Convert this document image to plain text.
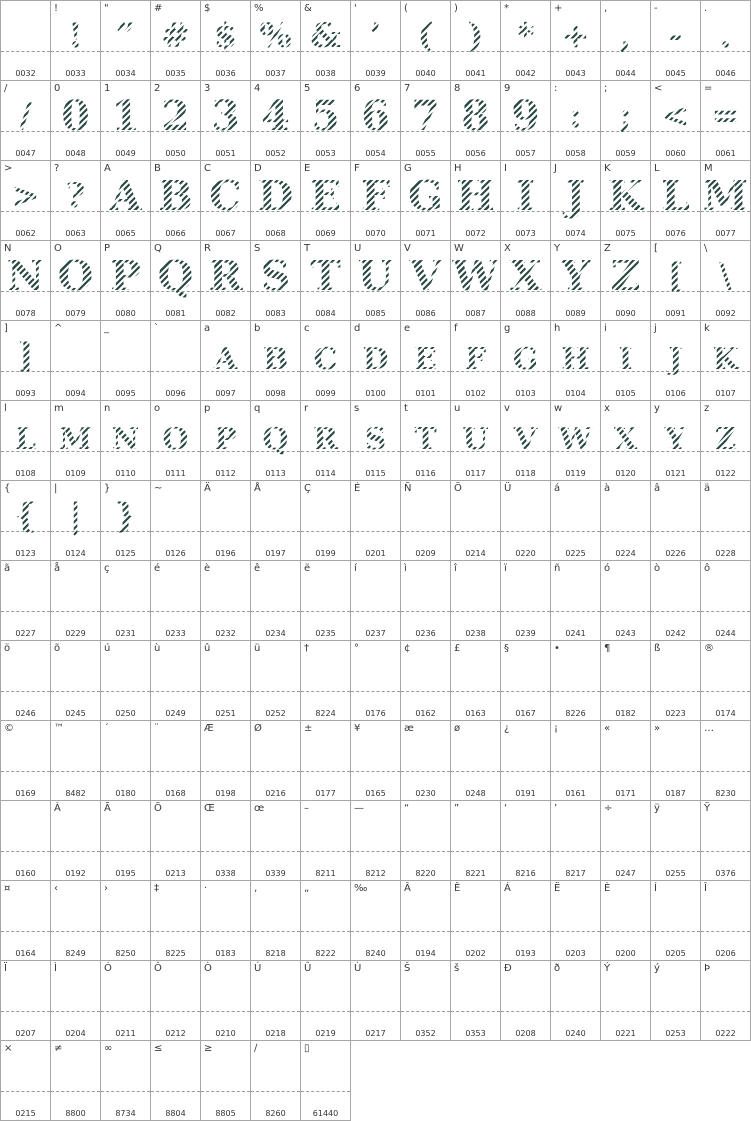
0032
!
!
0033
"
”
0034
#
#
0035
$
$
0036
%
%
0037
&
&
0038
'
’
0039
(
(
0040
)
)
0041
*
*
0042
+
+
0043
,
,
0044
-
-
0045
.
.
0046
/
/
0047
0
0
0048
1
1
0049
2
2
0050
3
3
0051
4
4
0052
5
5
0053
6
6
0054
7
7
0055
8
8
0056
9
9
0057
:
:
0058
;
;
0059
<
<
0060
=
=
0061
>
>
0062
?
?
0063
A
A
0065
B
B
0066
C
C
0067
D
D
0068
E
E
0069
F
F
0070
G
G
0071
H
H
0072
I
I
0073
J
J
0074
K
K
0075
L
L
0076
M
M
0077
N
N
0078
O
O
0079
P
P
0080
Q
Q
0081
R
R
0082
S
S
0083
T
T
0084
U
U
0085
V
V
0086
W
W
0087
X
X
0088
Y
Y
0089
Z
Z
0090
[
[
0091
\
\
0092
]
]
0093
^
0094
_
0095
`
0096
a
A
0097
b
B
0098
c
C
0099
d
D
0100
e
E
0101
f
F
0102
g
G
0103
h
H
0104
i
I
0105
j
J
0106
k
K
0107
l
L
0108
m
M
0109
n
N
0110
o
O
0111
p
P
0112
q
Q
0113
r
R
0114
s
S
0115
t
T
0116
u
U
0117
v
V
0118
w
W
0119
x
X
0120
y
Y
0121
z
Z
0122
{
{
0123
|
|
0124
}
}
0125
~
0126
Ä
0196
Å
0197
Ç
0199
É
0201
Ñ
0209
Ö
0214
Ü
0220
á
0225
à
0224
â
0226
ä
0228
ã
0227
å
0229
ç
0231
é
0233
è
0232
ê
0234
ë
0235
í
0237
ì
0236
î
0238
ï
0239
ñ
0241
ó
0243
ò
0242
ô
0244
ö
0246
õ
0245
ú
0250
ù
0249
û
0251
ü
0252
†
8224
°
0176
¢
0162
£
0163
§
0167
•
8226
¶
0182
ß
0223
®
0174
©
0169
™
8482
´
0180
¨
0168
Æ
0198
Ø
0216
±
0177
¥
0165
æ
0230
ø
0248
¿
0191
¡
0161
«
0171
»
0187
…
8230
0160
À
0192
Ã
0195
Õ
0213
Œ
0338
œ
0339
–
8211
—
8212
“
8220
”
8221
‘
8216
’
8217
÷
0247
ÿ
0255
Ÿ
0376
¤
0164
‹
8249
›
8250
‡
8225
·
0183
‚
8218
„
8222
‰
8240
Â
0194
Ê
0202
Á
0193
Ë
0203
È
0200
Í
0205
Î
0206
Ï
0207
Ì
0204
Ó
0211
Ô
0212
Ò
0210
Ú
0218
Û
0219
Ù
0217
Š
0352
š
0353
Đ
0208
ð
0240
Ý
0221
ý
0253
Þ
0222
×
0215
≠
8800
∞
8734
≤
8804
≥
8805
∕
8260
▯
61440
